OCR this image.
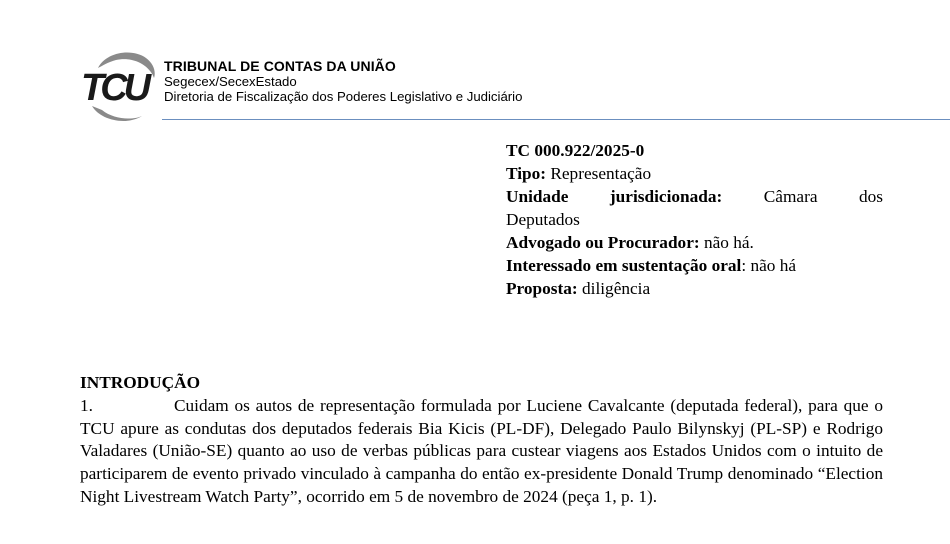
TCU
TRIBUNAL DE CONTAS DA UNIÃO
Segecex/SecexEstado
Diretoria de Fiscalização dos Poderes Legislativo e Judiciário
TC 000.922/2025-0
Tipo: Representação
Unidade jurisdicionada: Câmara dos
Deputados
Advogado ou Procurador: não há.
Interessado em sustentação oral: não há
Proposta: diligência
INTRODUÇÃO
1.	Cuidam os autos de representação formulada por Luciene Cavalcante (deputada federal), para que o TCU apure as condutas dos deputados federais Bia Kicis (PL-DF), Delegado Paulo Bilynskyj (PL-SP) e Rodrigo Valadares (União-SE) quanto ao uso de verbas públicas para custear viagens aos Estados Unidos com o intuito de participarem de evento privado vinculado à campanha do então ex-presidente Donald Trump denominado “Election Night Livestream Watch Party”, ocorrido em 5 de novembro de 2024 (peça 1, p. 1).
